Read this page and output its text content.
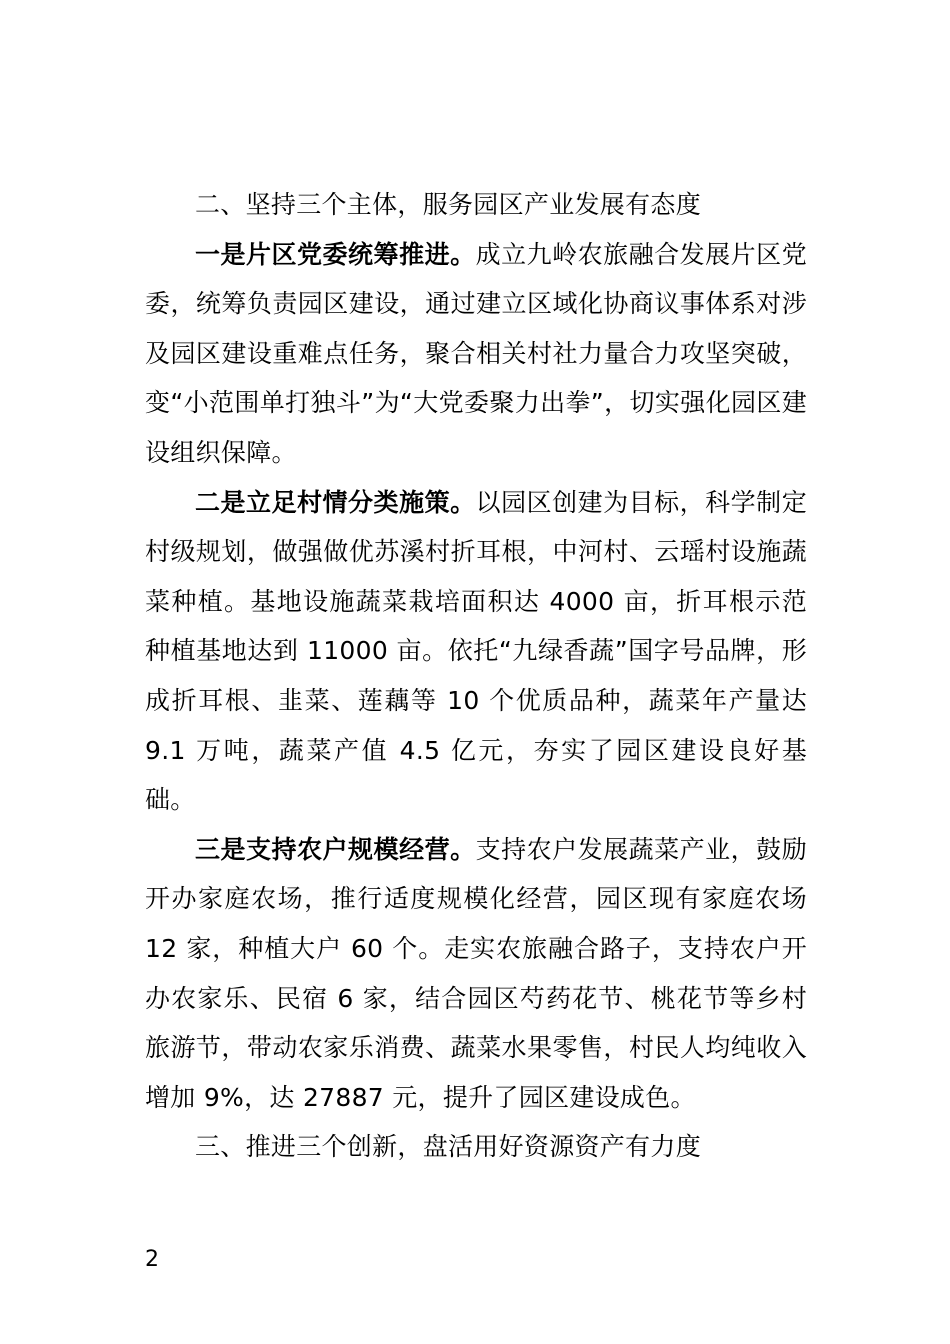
二、坚持三个主体，服务园区产业发展有态度

一是片区党委统筹推进。成立九岭农旅融合发展片区党委，统筹负责园区建设，通过建立区域化协商议事体系对涉及园区建设重难点任务，聚合相关村社力量合力攻坚突破，变“小范围单打独斗”为“大党委聚力出拳”，切实强化园区建设组织保障。

二是立足村情分类施策。以园区创建为目标，科学制定村级规划，做强做优苏溪村折耳根，中河村、云瑶村设施蔬菜种植。基地设施蔬菜栽培面积达 4000 亩，折耳根示范种植基地达到 11000 亩。依托“九绿香蔬”国字号品牌，形成折耳根、韭菜、莲藕等 10 个优质品种，蔬菜年产量达 9.1 万吨，蔬菜产值 4.5 亿元，夯实了园区建设良好基础。

三是支持农户规模经营。支持农户发展蔬菜产业，鼓励开办家庭农场，推行适度规模化经营，园区现有家庭农场 12 家，种植大户 60 个。走实农旅融合路子，支持农户开办农家乐、民宿 6 家，结合园区芍药花节、桃花节等乡村旅游节，带动农家乐消费、蔬菜水果零售，村民人均纯收入增加 9%，达 27887 元，提升了园区建设成色。

三、推进三个创新，盘活用好资源资产有力度

2
